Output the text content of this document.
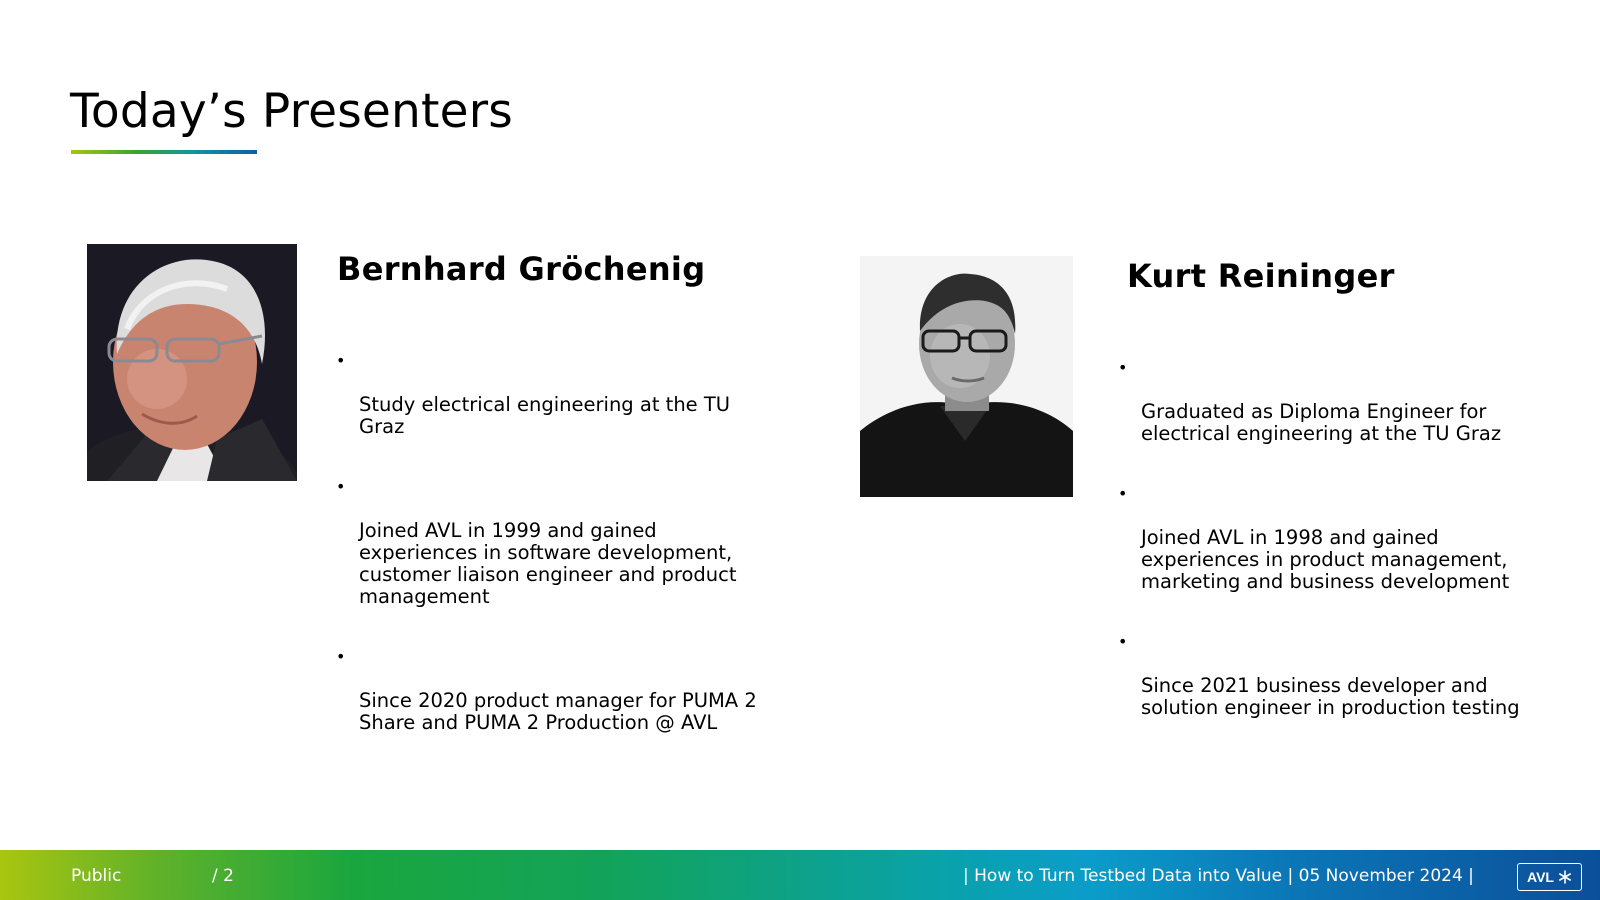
Today’s Presenters
Bernhard Gröchenig

•

Study electrical engineering at the TU
Graz

•

Joined AVL in 1999 and gained
experiences in software development,
customer liaison engineer and product
management

•

Since 2020 product manager for PUMA 2
Share and PUMA 2 Production @ AVL

Kurt Reininger

•

Graduated as Diploma Engineer for
electrical engineering at the TU Graz

•

Joined AVL in 1998 and gained
experiences in product management,
marketing and business development

•

Since 2021 business developer and
solution engineer in production testing

Public	/ 2	| How to Turn Testbed Data into Value | 05 November 2024 |	AVL
